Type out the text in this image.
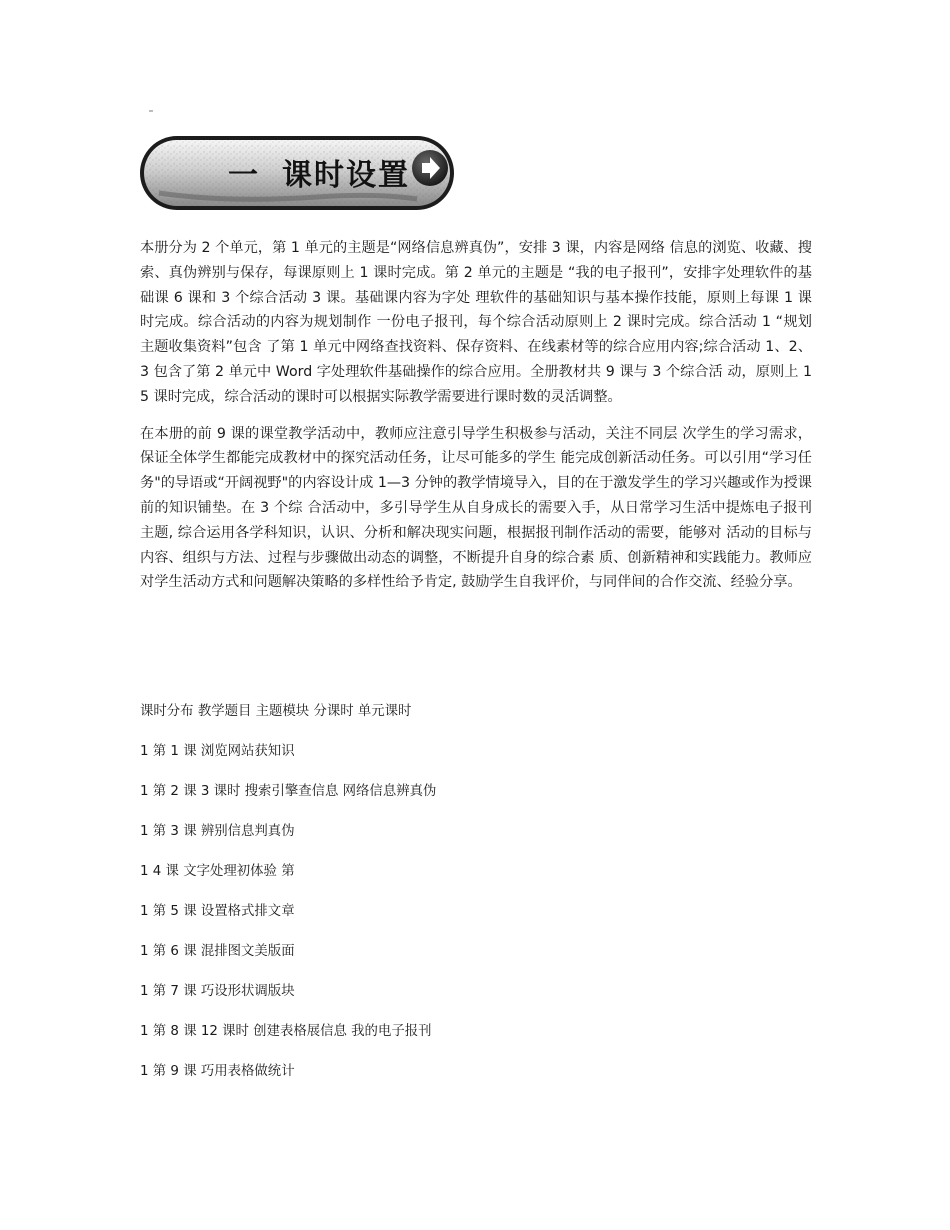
一 课时设置

本册分为 2 个单元，第 1 单元的主题是“网络信息辨真伪”，安排 3 课，内容是网络 信息的浏览、收藏、搜索、真伪辨别与保存，每课原则上 1 课时完成。第 2 单元的主题是 “我的电子报刊”，安排字处理软件的基础课 6 课和 3 个综合活动 3 课。基础课内容为字处 理软件的基础知识与基本操作技能，原则上每课 1 课时完成。综合活动的内容为规划制作 一份电子报刊，每个综合活动原则上 2 课时完成。综合活动 1 “规划主题收集资料”包含 了第 1 单元中网络查找资料、保存资料、在线素材等的综合应用内容;综合活动 1、2、3 包含了第 2 单元中 Word 字处理软件基础操作的综合应用。全册教材共 9 课与 3 个综合活 动，原则上 15 课时完成，综合活动的课时可以根据实际教学需要进行课时数的灵活调整。

在本册的前 9 课的课堂教学活动中，教师应注意引导学生积极参与活动，关注不同层 次学生的学习需求，保证全体学生都能完成教材中的探究活动任务，让尽可能多的学生 能完成创新活动任务。可以引用“学习任务"的导语或“开阔视野"的内容设计成 1—3 分钟的教学情境导入，目的在于激发学生的学习兴趣或作为授课前的知识铺垫。在 3 个综 合活动中，多引导学生从自身成长的需要入手，从日常学习生活中提炼电子报刊主题, 综合运用各学科知识，认识、分析和解决现实问题，根据报刊制作活动的需要，能够对 活动的目标与内容、组织与方法、过程与步骤做出动态的调整，不断提升自身的综合素 质、创新精神和实践能力。教师应对学生活动方式和问题解决策略的多样性给予肯定, 鼓励学生自我评价，与同伴间的合作交流、经验分享。

课时分布 教学题目 主题模块 分课时 单元课时
1 第 1 课 浏览网站获知识
1 第 2 课 3 课时 搜索引擎查信息 网络信息辨真伪
1 第 3 课 辨别信息判真伪
1 4 课 文字处理初体验 第
1 第 5 课 设置格式排文章
1 第 6 课 混排图文美版面
1 第 7 课 巧设形状调版块
1 第 8 课 12 课时 创建表格展信息 我的电子报刊
1 第 9 课 巧用表格做统计
